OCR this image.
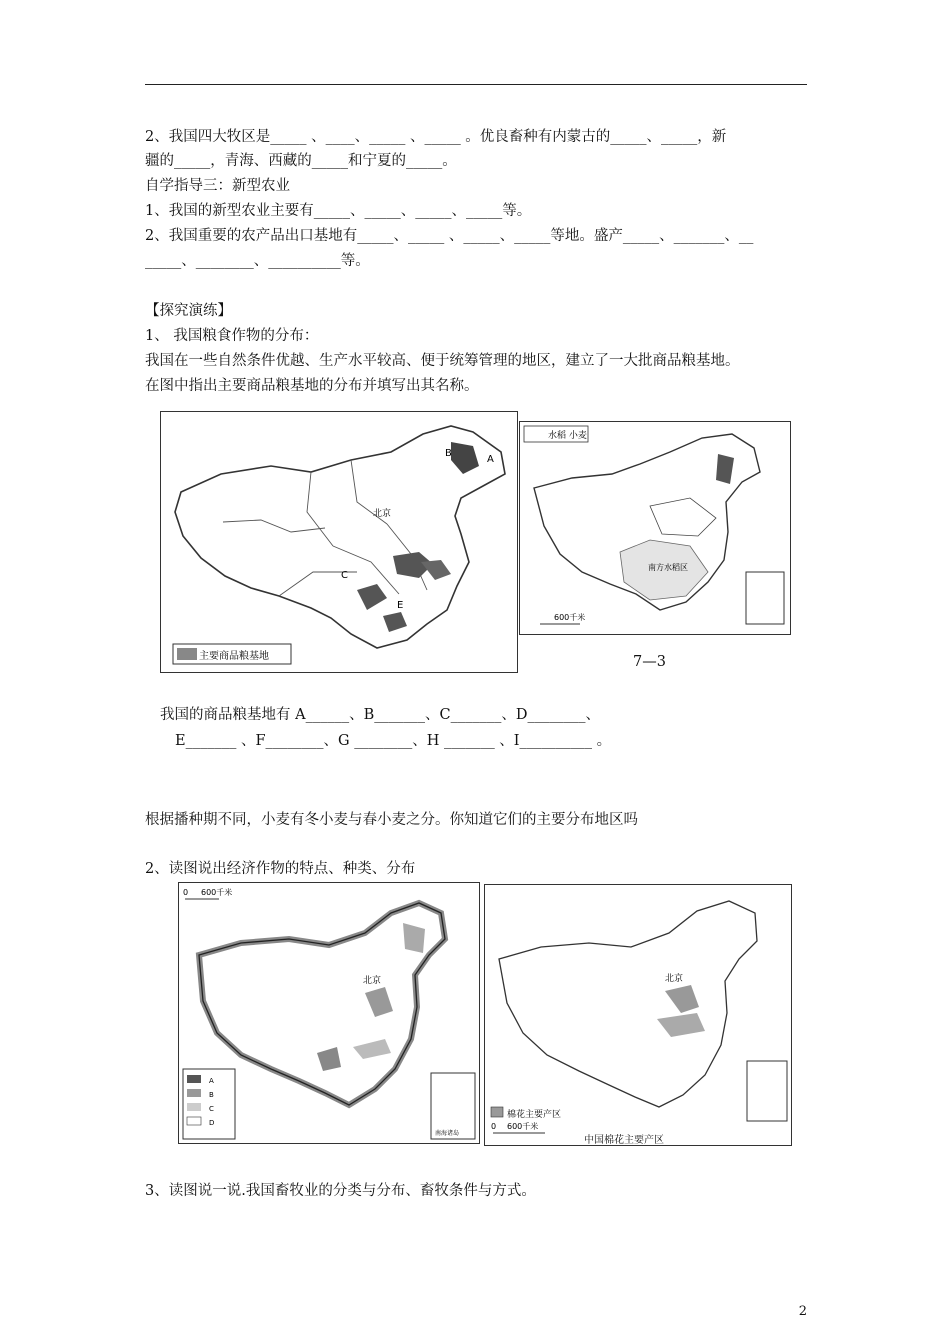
2、我国四大牧区是_____ 、____、_____ 、_____ 。优良畜种有内蒙古的_____、_____，新
疆的_____，青海、西藏的_____和宁夏的_____。
自学指导三：新型农业
1、我国的新型农业主要有_____、_____、_____、_____等。
2、我国重要的农产品出口基地有_____、_____ 、_____、_____等地。盛产_____、_______、__
_____、________、__________等。
【探究演练】
1、 我国粮食作物的分布：
我国在一些自然条件优越、生产水平较高、便于统筹管理的地区，建立了一大批商品粮基地。
在图中指出主要商品粮基地的分布并填写出其名称。
主要商品粮基地
北京
B
A
C
E
水稻 小麦
南方水稻区
600千米
7—3
我国的商品粮基地有 A______、B_______、C_______、D________、
E_______ 、F________、G ________、H _______ 、I__________ 。
根据播种期不同，小麦有冬小麦与春小麦之分。你知道它们的主要分布地区吗
2、读图说出经济作物的特点、种类、分布
0 600千米
北京
A
B
C
D
南海诸岛
北京
棉花主要产区
0 600千米
中国棉花主要产区
3、读图说一说.我国畜牧业的分类与分布、畜牧条件与方式。
2
